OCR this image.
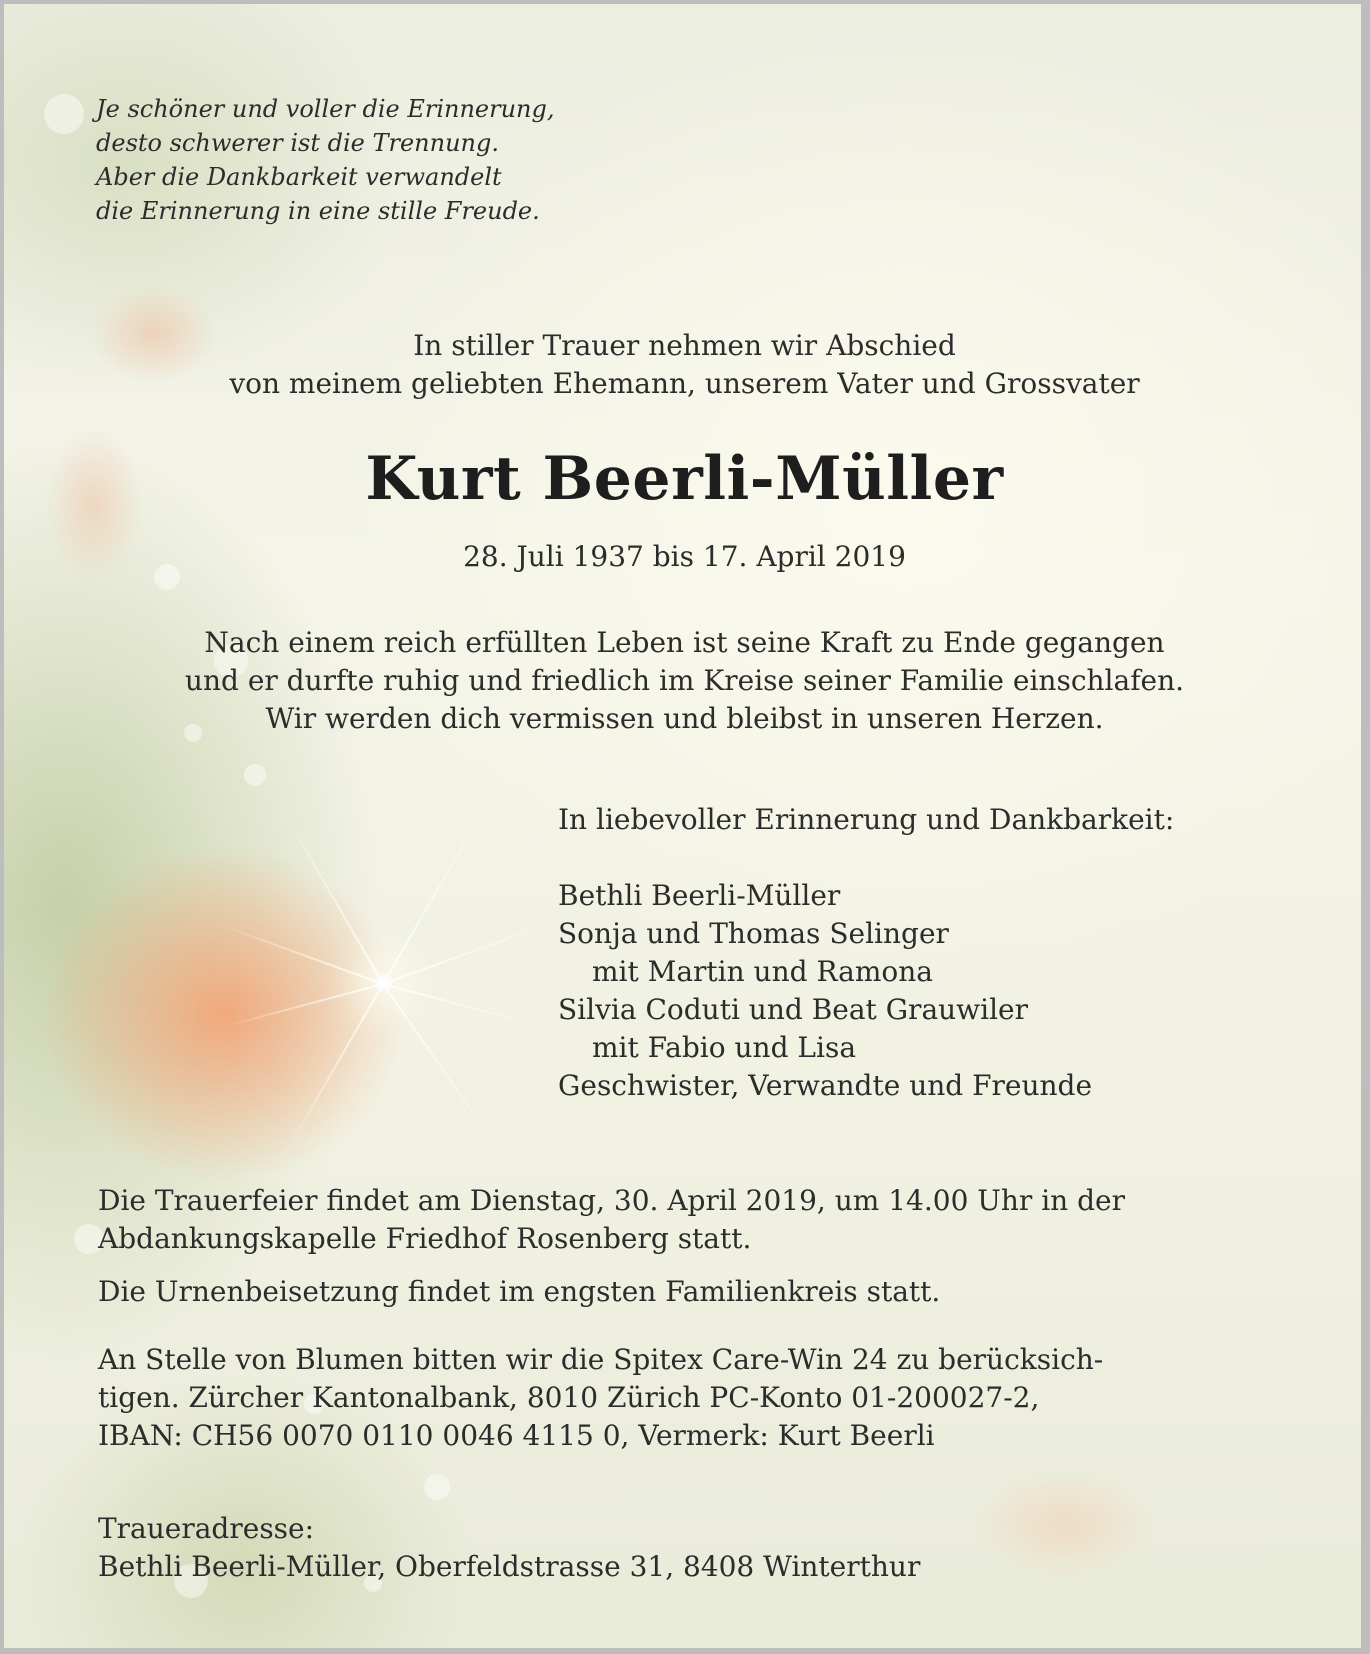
Je schöner und voller die Erinnerung,
desto schwerer ist die Trennung.
Aber die Dankbarkeit verwandelt
die Erinnerung in eine stille Freude.
In stiller Trauer nehmen wir Abschied
von meinem geliebten Ehemann, unserem Vater und Grossvater
Kurt Beerli-Müller
28. Juli 1937 bis 17. April 2019
Nach einem reich erfüllten Leben ist seine Kraft zu Ende gegangen
und er durfte ruhig und friedlich im Kreise seiner Familie einschlafen.
Wir werden dich vermissen und bleibst in unseren Herzen.
In liebevoller Erinnerung und Dankbarkeit:
Bethli Beerli-Müller
Sonja und Thomas Selinger
mit Martin und Ramona
Silvia Coduti und Beat Grauwiler
mit Fabio und Lisa
Geschwister, Verwandte und Freunde
Die Trauerfeier findet am Dienstag, 30. April 2019, um 14.00 Uhr in der
Abdankungskapelle Friedhof Rosenberg statt.
Die Urnenbeisetzung findet im engsten Familienkreis statt.
An Stelle von Blumen bitten wir die Spitex Care-Win 24 zu berücksich-
tigen. Zürcher Kantonalbank, 8010 Zürich PC-Konto 01-200027-2,
IBAN: CH56 0070 0110 0046 4115 0, Vermerk: Kurt Beerli
Traueradresse:
Bethli Beerli-Müller, Oberfeldstrasse 31, 8408 Winterthur
